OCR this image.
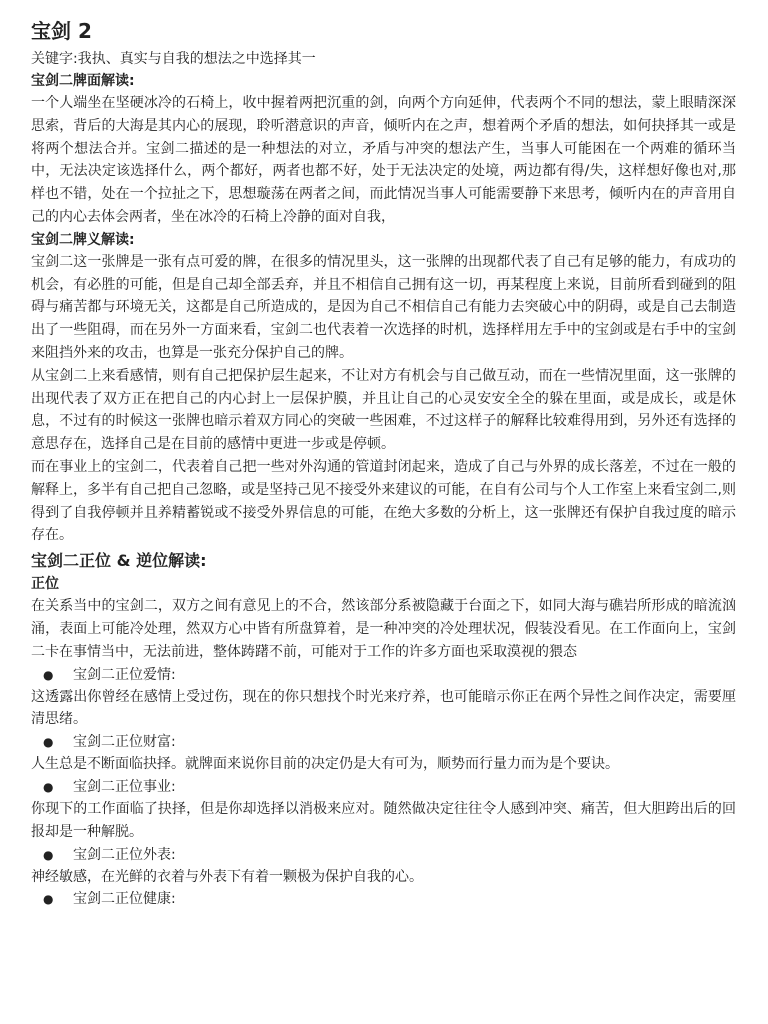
宝剑 2

关键字:我执、真实与自我的想法之中选择其一

宝剑二牌面解读:

一个人端坐在坚硬冰冷的石椅上，收中握着两把沉重的剑，向两个方向延伸，代表两个不同的想法，蒙上眼睛深深思索，背后的大海是其内心的展现，聆听潜意识的声音，倾听内在之声，想着两个矛盾的想法，如何抉择其一或是将两个想法合并。宝剑二描述的是一种想法的对立，矛盾与冲突的想法产生，当事人可能困在一个两难的循环当中，无法决定该选择什么，两个都好，两者也都不好，处于无法决定的处境，两边都有得/失，这样想好像也对,那样也不错，处在一个拉扯之下，思想璇荡在两者之间，而此情况当事人可能需要静下来思考，倾听内在的声音用自己的内心去体会两者，坐在冰冷的石椅上冷静的面对自我，

宝剑二牌义解读:

宝剑二这一张牌是一张有点可爱的牌，在很多的情况里头，这一张牌的出现都代表了自己有足够的能力，有成功的机会，有必胜的可能，但是自己却全部丢弃，并且不相信自己拥有这一切，再某程度上来说，目前所看到碰到的阻碍与痛苦都与环境无关，这都是自己所造成的，是因为自己不相信自己有能力去突破心中的阴碍，或是自己去制造出了一些阻碍，而在另外一方面来看，宝剑二也代表着一次选择的时机，选择样用左手中的宝剑或是右手中的宝剑来阻挡外来的攻击，也算是一张充分保护自己的牌。

从宝剑二上来看感情，则有自己把保护层生起来，不让对方有机会与自己做互动，而在一些情况里面，这一张牌的出现代表了双方正在把自己的内心封上一层保护膜，并且让自己的心灵安安全全的躲在里面，或是成长，或是休息，不过有的时候这一张牌也暗示着双方同心的突破一些困难，不过这样子的解释比较难得用到，另外还有选择的意思存在，选择自己是在目前的感情中更进一步或是停顿。

而在事业上的宝剑二，代表着自己把一些对外沟通的管道封闭起来，造成了自己与外界的成长落差，不过在一般的解释上，多半有自己把自己忽略，或是坚持己见不接受外来建议的可能，在自有公司与个人工作室上来看宝剑二,则得到了自我停顿并且养精蓄锐或不接受外界信息的可能，在绝大多数的分析上，这一张牌还有保护自我过度的暗示存在。

宝剑二正位 & 逆位解读:

正位

在关系当中的宝剑二，双方之间有意见上的不合，然该部分系被隐藏于台面之下，如同大海与礁岩所形成的暗流汹涌，表面上可能冷处理，然双方心中皆有所盘算着，是一种冲突的冷处理状况，假装没看见。在工作面向上，宝剑二卡在事情当中，无法前进，整体踌躇不前，可能对于工作的许多方面也采取漠视的猥态

●	宝剑二正位爱情:

这透露出你曾经在感情上受过伤，现在的你只想找个时光来疗养，也可能暗示你正在两个异性之间作决定，需要厘清思绪。

●	宝剑二正位财富:

人生总是不断面临抉择。就牌面来说你目前的决定仍是大有可为，顺势而行量力而为是个要诀。

●	宝剑二正位事业:

你现下的工作面临了抉择，但是你却选择以消极来应对。随然做决定往往令人感到冲突、痛苦，但大胆跨出后的回报却是一种解脱。

●	宝剑二正位外表:

神经敏感，在光鲜的衣着与外表下有着一颗极为保护自我的心。

●	宝剑二正位健康:
